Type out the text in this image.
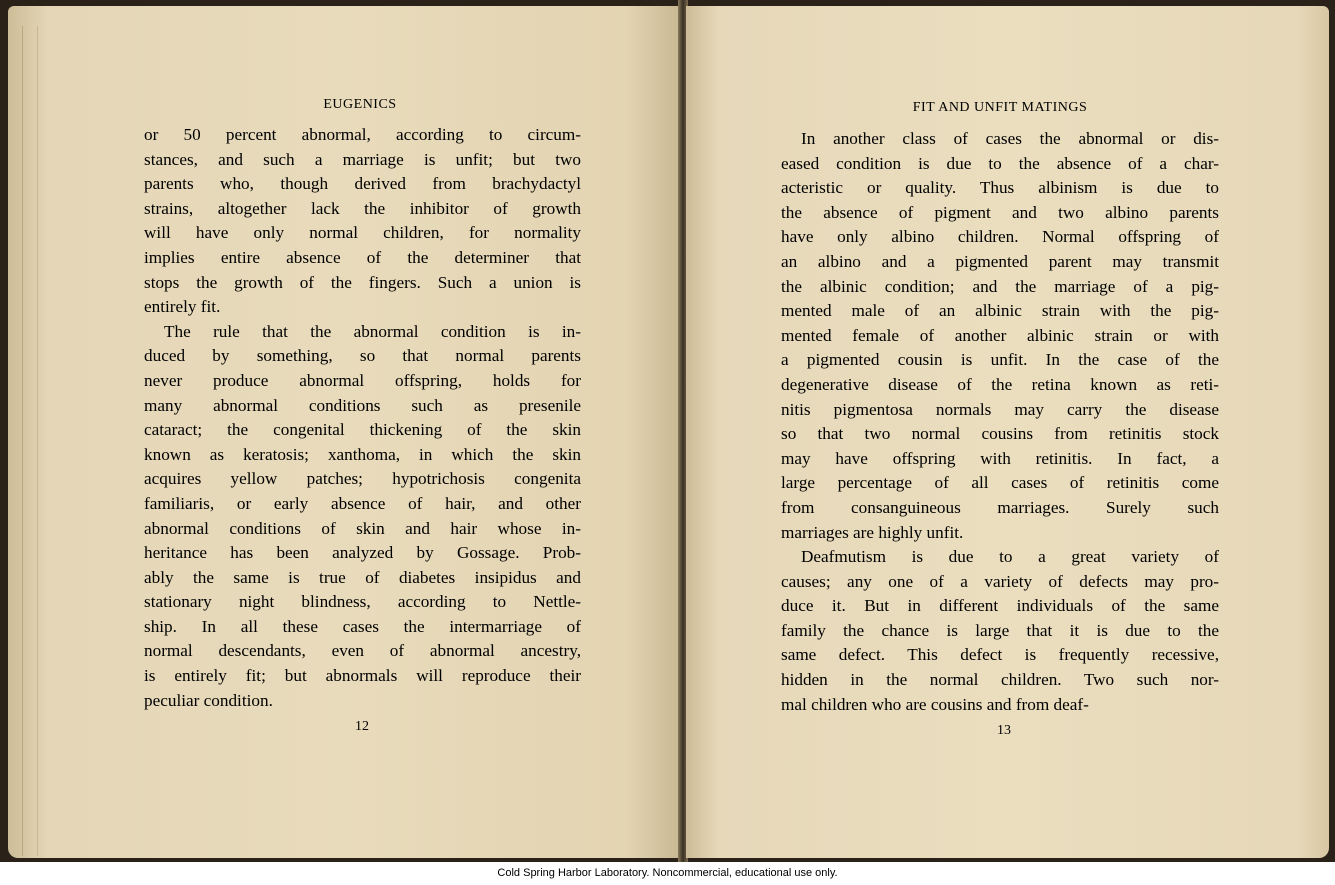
EUGENICS

or 50 percent abnormal, according to circum-
stances, and such a marriage is unfit; but two
parents who, though derived from brachydactyl
strains, altogether lack the inhibitor of growth
will have only normal children, for normality
implies entire absence of the determiner that
stops the growth of the fingers. Such a union is
entirely fit.

The rule that the abnormal condition is in-
duced by something, so that normal parents
never produce abnormal offspring, holds for
many abnormal conditions such as presenile
cataract; the congenital thickening of the skin
known as keratosis; xanthoma, in which the skin
acquires yellow patches; hypotrichosis congenita
familiaris, or early absence of hair, and other
abnormal conditions of skin and hair whose in-
heritance has been analyzed by Gossage. Prob-
ably the same is true of diabetes insipidus and
stationary night blindness, according to Nettle-
ship. In all these cases the intermarriage of
normal descendants, even of abnormal ancestry,
is entirely fit; but abnormals will reproduce their
peculiar condition.

12
FIT AND UNFIT MATINGS

In another class of cases the abnormal or dis-
eased condition is due to the absence of a char-
acteristic or quality. Thus albinism is due to
the absence of pigment and two albino parents
have only albino children. Normal offspring of
an albino and a pigmented parent may transmit
the albinic condition; and the marriage of a pig-
mented male of an albinic strain with the pig-
mented female of another albinic strain or with
a pigmented cousin is unfit. In the case of the
degenerative disease of the retina known as reti-
nitis pigmentosa normals may carry the disease
so that two normal cousins from retinitis stock
may have offspring with retinitis. In fact, a
large percentage of all cases of retinitis come
from consanguineous marriages. Surely such
marriages are highly unfit.

Deafmutism is due to a great variety of
causes; any one of a variety of defects may pro-
duce it. But in different individuals of the same
family the chance is large that it is due to the
same defect. This defect is frequently recessive,
hidden in the normal children. Two such nor-
mal children who are cousins and from deaf-

13
Cold Spring Harbor Laboratory. Noncommercial, educational use only.
